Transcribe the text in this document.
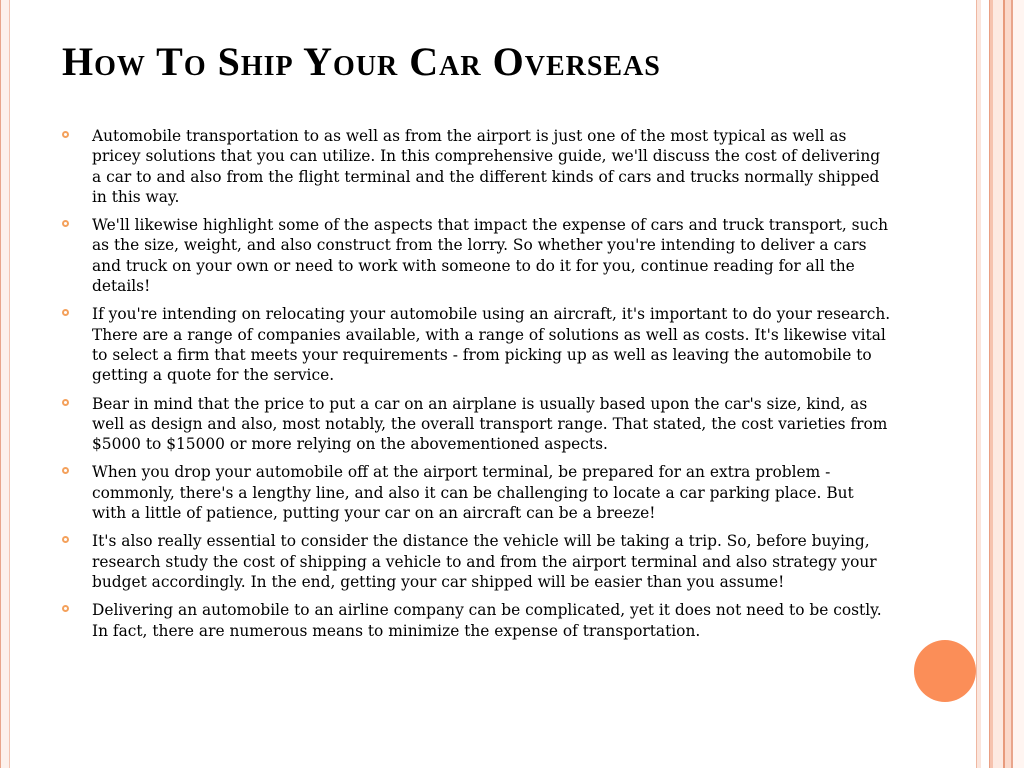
How To Ship Your Car Overseas
Automobile transportation to as well as from the airport is just one of the most typical as well as pricey solutions that you can utilize. In this comprehensive guide, we'll discuss the cost of delivering a car to and also from the flight terminal and the different kinds of cars and trucks normally shipped in this way.
We'll likewise highlight some of the aspects that impact the expense of cars and truck transport, such as the size, weight, and also construct from the lorry. So whether you're intending to deliver a cars and truck on your own or need to work with someone to do it for you, continue reading for all the details!
If you're intending on relocating your automobile using an aircraft, it's important to do your research. There are a range of companies available, with a range of solutions as well as costs. It's likewise vital to select a firm that meets your requirements - from picking up as well as leaving the automobile to getting a quote for the service.
Bear in mind that the price to put a car on an airplane is usually based upon the car's size, kind, as well as design and also, most notably, the overall transport range. That stated, the cost varieties from $5000 to $15000 or more relying on the abovementioned aspects.
When you drop your automobile off at the airport terminal, be prepared for an extra problem - commonly, there's a lengthy line, and also it can be challenging to locate a car parking place. But with a little of patience, putting your car on an aircraft can be a breeze!
It's also really essential to consider the distance the vehicle will be taking a trip. So, before buying, research study the cost of shipping a vehicle to and from the airport terminal and also strategy your budget accordingly. In the end, getting your car shipped will be easier than you assume!
Delivering an automobile to an airline company can be complicated, yet it does not need to be costly. In fact, there are numerous means to minimize the expense of transportation.
